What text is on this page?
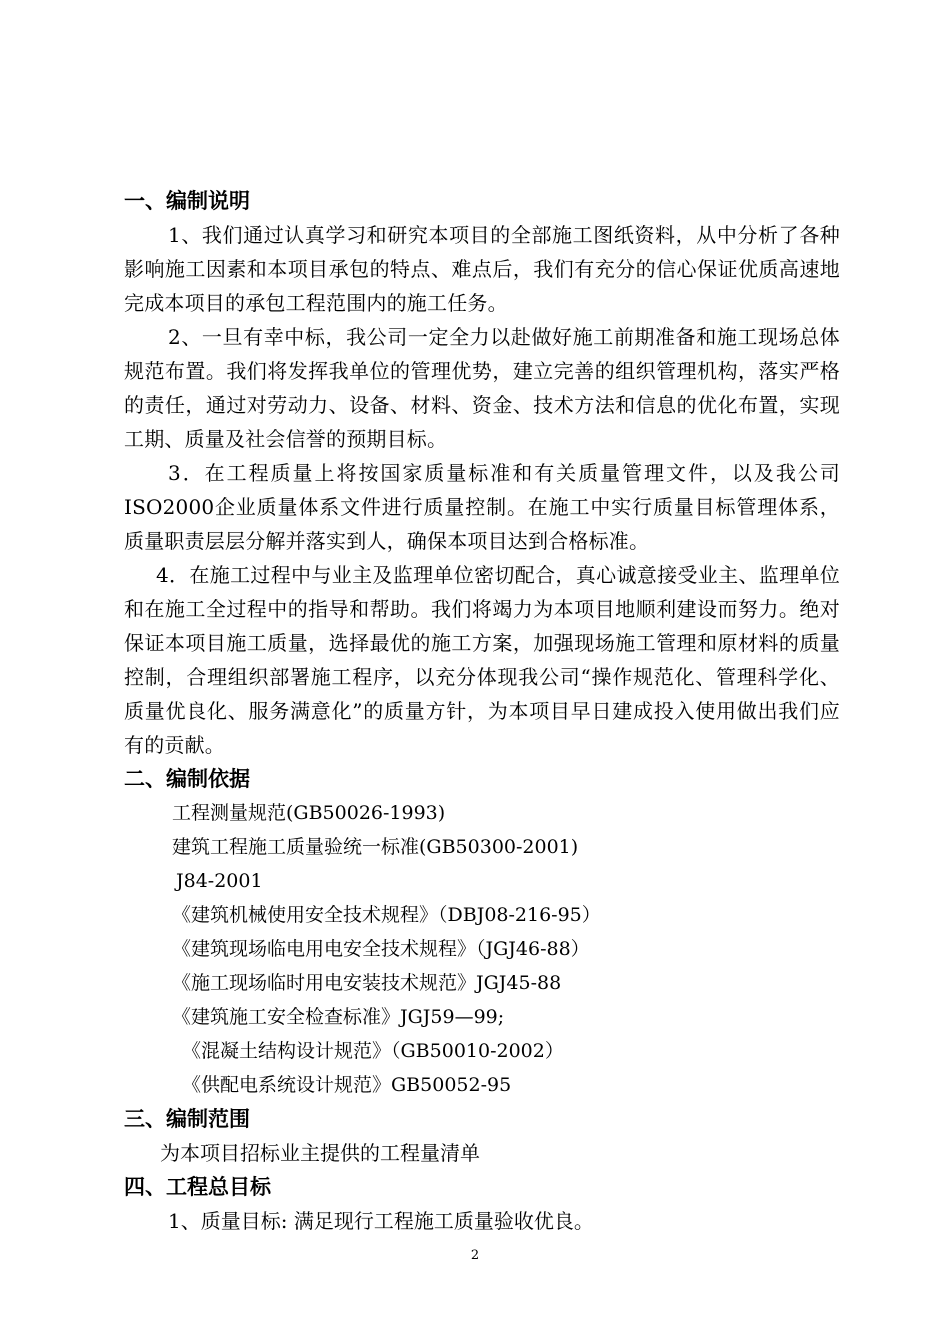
一、编制说明

1、我们通过认真学习和研究本项目的全部施工图纸资料，从中分析了各种影响施工因素和本项目承包的特点、难点后，我们有充分的信心保证优质高速地完成本项目的承包工程范围内的施工任务。

2、一旦有幸中标，我公司一定全力以赴做好施工前期准备和施工现场总体规范布置。我们将发挥我单位的管理优势，建立完善的组织管理机构，落实严格的责任，通过对劳动力、设备、材料、资金、技术方法和信息的优化布置，实现工期、质量及社会信誉的预期目标。

3．在工程质量上将按国家质量标准和有关质量管理文件，以及我公司ISO2000企业质量体系文件进行质量控制。在施工中实行质量目标管理体系，质量职责层层分解并落实到人，确保本项目达到合格标准。

4．在施工过程中与业主及监理单位密切配合，真心诚意接受业主、监理单位和在施工全过程中的指导和帮助。我们将竭力为本项目地顺利建设而努力。绝对保证本项目施工质量，选择最优的施工方案，加强现场施工管理和原材料的质量控制，合理组织部署施工程序，以充分体现我公司“操作规范化、管理科学化、质量优良化、服务满意化”的质量方针，为本项目早日建成投入使用做出我们应有的贡献。

二、编制依据
工程测量规范(GB50026-1993)
建筑工程施工质量验统一标准(GB50300-2001)
J84-2001
《建筑机械使用安全技术规程》（DBJ08-216-95）
《建筑现场临电用电安全技术规程》（JGJ46-88）
《施工现场临时用电安装技术规范》JGJ45-88
《建筑施工安全检查标准》JGJ59—99;
《混凝土结构设计规范》（GB50010-2002）
《供配电系统设计规范》GB50052-95
三、编制范围
为本项目招标业主提供的工程量清单
四、工程总目标
1、质量目标: 满足现行工程施工质量验收优良。
2
